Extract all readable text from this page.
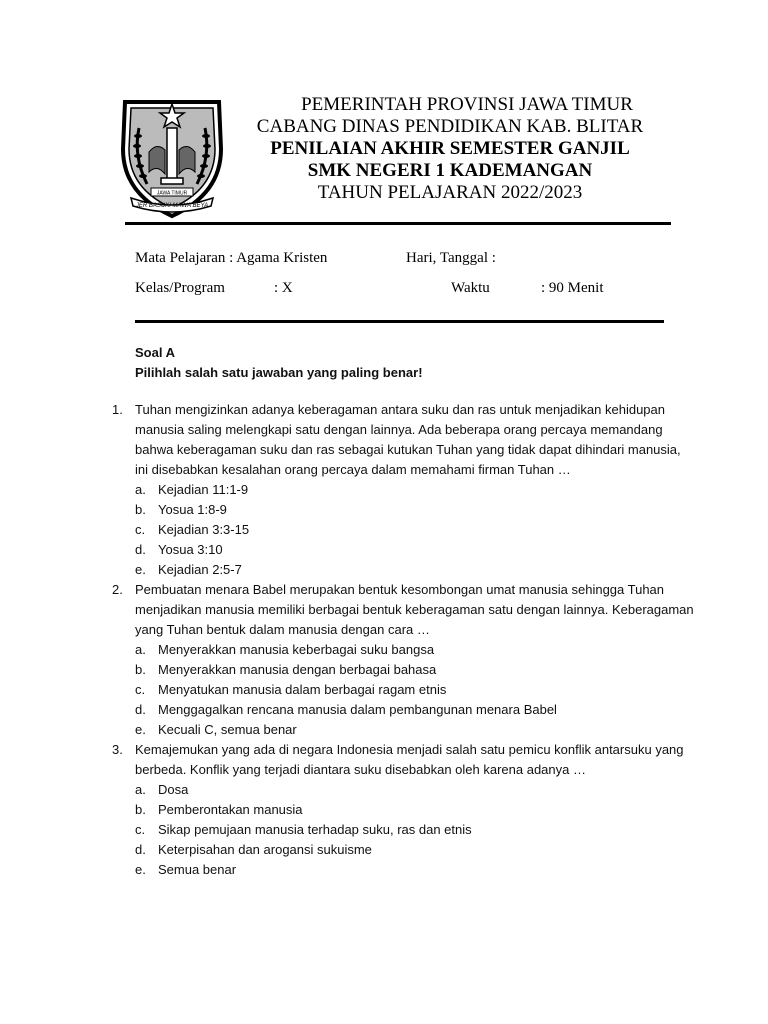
JAWA TIMUR
JER BASUKI MAWA BEYA
PEMERINTAH PROVINSI JAWA TIMUR
CABANG DINAS PENDIDIKAN KAB. BLITAR
PENILAIAN AKHIR SEMESTER GANJIL
SMK NEGERI 1 KADEMANGAN
TAHUN PELAJARAN 2022/2023
Mata Pelajaran : Agama Kristen	Hari, Tanggal :
Kelas/Program	: X	Waktu	: 90 Menit
Soal A
Pilihlah salah satu jawaban yang paling benar!
1. Tuhan mengizinkan adanya keberagaman antara suku dan ras untuk menjadikan kehidupan
manusia saling melengkapi satu dengan lainnya. Ada beberapa orang percaya memandang
bahwa keberagaman suku dan ras sebagai kutukan Tuhan yang tidak dapat dihindari manusia,
ini disebabkan kesalahan orang percaya dalam memahami firman Tuhan …
a. Kejadian 11:1-9
b. Yosua 1:8-9
c. Kejadian 3:3-15
d. Yosua 3:10
e. Kejadian 2:5-7
2. Pembuatan menara Babel merupakan bentuk kesombongan umat manusia sehingga Tuhan
menjadikan manusia memiliki berbagai bentuk keberagaman satu dengan lainnya. Keberagaman
yang Tuhan bentuk dalam manusia dengan cara …
a. Menyerakkan manusia keberbagai suku bangsa
b. Menyerakkan manusia dengan berbagai bahasa
c. Menyatukan manusia dalam berbagai ragam etnis
d. Menggagalkan rencana manusia dalam pembangunan menara Babel
e. Kecuali C, semua benar
3. Kemajemukan yang ada di negara Indonesia menjadi salah satu pemicu konflik antarsuku yang
berbeda. Konflik yang terjadi diantara suku disebabkan oleh karena adanya …
a. Dosa
b. Pemberontakan manusia
c. Sikap pemujaan manusia terhadap suku, ras dan etnis
d. Keterpisahan dan arogansi sukuisme
e. Semua benar
